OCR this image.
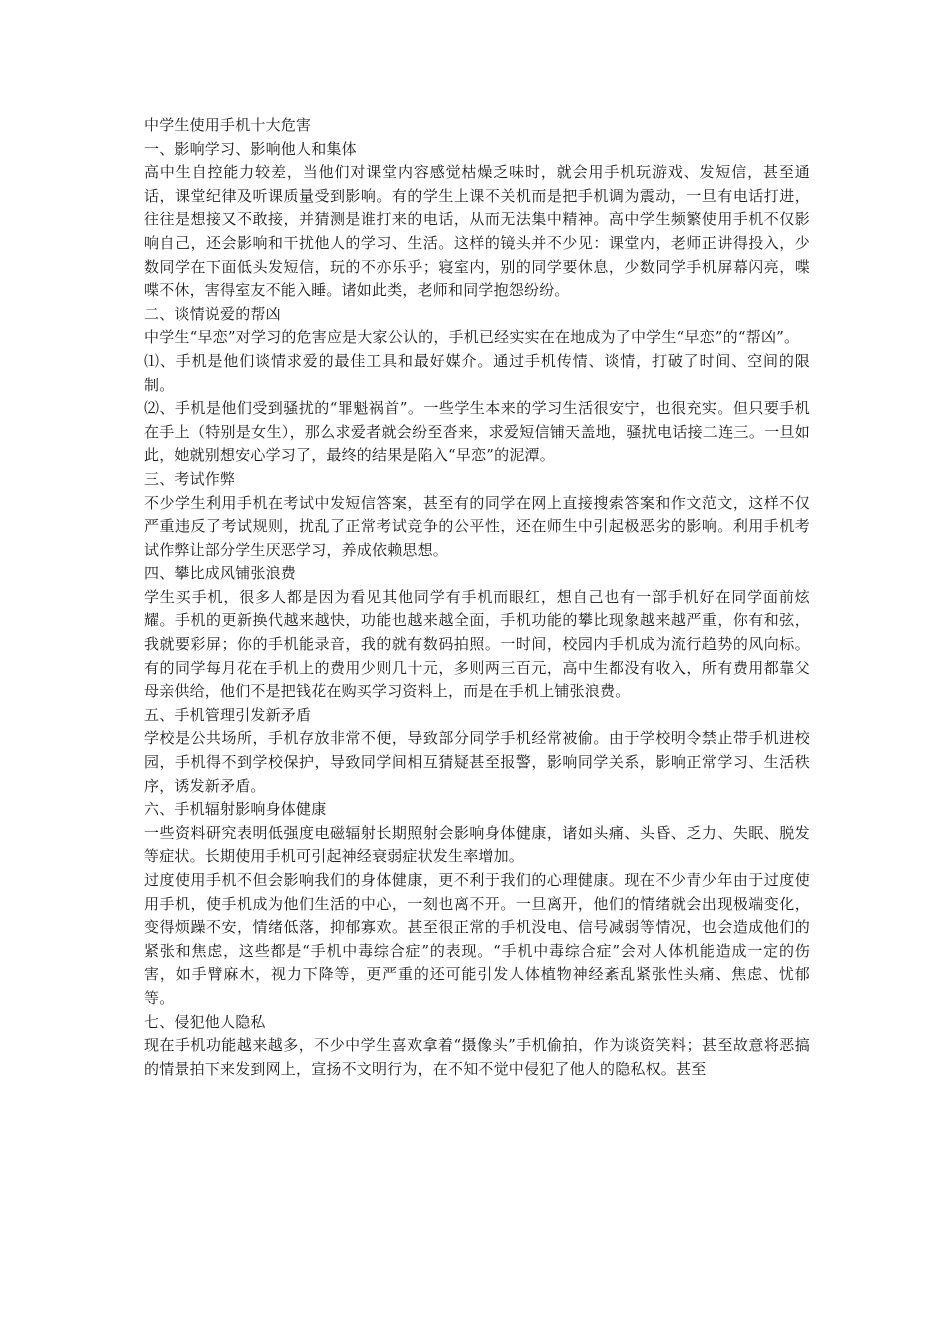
中学生使用手机十大危害

一、影响学习、影响他人和集体

高中生自控能力较差，当他们对课堂内容感觉枯燥乏味时，就会用手机玩游戏、发短信，甚至通话，课堂纪律及听课质量受到影响。有的学生上课不关机而是把手机调为震动，一旦有电话打进，往往是想接又不敢接，并猜测是谁打来的电话，从而无法集中精神。高中学生频繁使用手机不仅影响自己，还会影响和干扰他人的学习、生活。这样的镜头并不少见：课堂内，老师正讲得投入，少数同学在下面低头发短信，玩的不亦乐乎；寝室内，别的同学要休息，少数同学手机屏幕闪亮，喋喋不休，害得室友不能入睡。诸如此类，老师和同学抱怨纷纷。

二、谈情说爱的帮凶

中学生“早恋”对学习的危害应是大家公认的，手机已经实实在在地成为了中学生“早恋”的“帮凶”。

⑴、手机是他们谈情求爱的最佳工具和最好媒介。通过手机传情、谈情，打破了时间、空间的限制。

⑵、手机是他们受到骚扰的“罪魁祸首”。一些学生本来的学习生活很安宁，也很充实。但只要手机在手上（特别是女生），那么求爱者就会纷至沓来，求爱短信铺天盖地，骚扰电话接二连三。一旦如此，她就别想安心学习了，最终的结果是陷入“早恋”的泥潭。

三、考试作弊

不少学生利用手机在考试中发短信答案，甚至有的同学在网上直接搜索答案和作文范文，这样不仅严重违反了考试规则，扰乱了正常考试竞争的公平性，还在师生中引起极恶劣的影响。利用手机考试作弊让部分学生厌恶学习，养成依赖思想。

四、攀比成风铺张浪费

学生买手机，很多人都是因为看见其他同学有手机而眼红，想自己也有一部手机好在同学面前炫耀。手机的更新换代越来越快，功能也越来越全面，手机功能的攀比现象越来越严重，你有和弦，我就要彩屏；你的手机能录音，我的就有数码拍照。一时间，校园内手机成为流行趋势的风向标。有的同学每月花在手机上的费用少则几十元，多则两三百元，高中生都没有收入，所有费用都靠父母亲供给，他们不是把钱花在购买学习资料上，而是在手机上铺张浪费。

五、手机管理引发新矛盾

学校是公共场所，手机存放非常不便，导致部分同学手机经常被偷。由于学校明令禁止带手机进校园，手机得不到学校保护，导致同学间相互猜疑甚至报警，影响同学关系，影响正常学习、生活秩序，诱发新矛盾。

六、手机辐射影响身体健康

一些资料研究表明低强度电磁辐射长期照射会影响身体健康，诸如头痛、头昏、乏力、失眠、脱发等症状。长期使用手机可引起神经衰弱症状发生率增加。

过度使用手机不但会影响我们的身体健康，更不利于我们的心理健康。现在不少青少年由于过度使用手机，使手机成为他们生活的中心，一刻也离不开。一旦离开，他们的情绪就会出现极端变化，变得烦躁不安，情绪低落，抑郁寡欢。甚至很正常的手机没电、信号减弱等情况，也会造成他们的紧张和焦虑，这些都是“手机中毒综合症”的表现。“手机中毒综合症”会对人体机能造成一定的伤害，如手臂麻木，视力下降等，更严重的还可能引发人体植物神经紊乱紧张性头痛、焦虑、忧郁等。

七、侵犯他人隐私

现在手机功能越来越多，不少中学生喜欢拿着“摄像头”手机偷拍，作为谈资笑料；甚至故意将恶搞的情景拍下来发到网上，宣扬不文明行为，在不知不觉中侵犯了他人的隐私权。甚至
